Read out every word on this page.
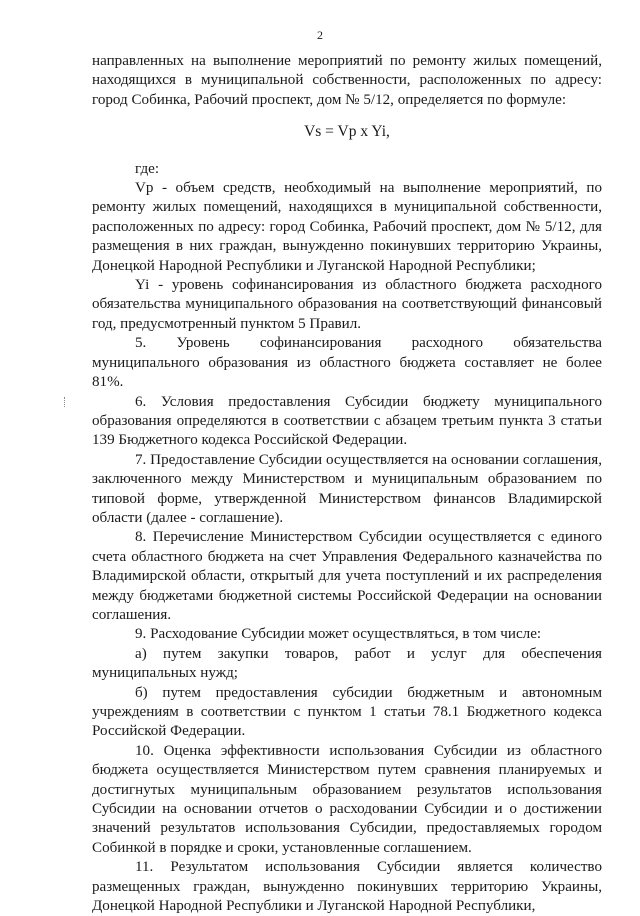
2

направленных на выполнение мероприятий по ремонту жилых помещений, находящихся в муниципальной собственности, расположенных по адресу: город Собинка, Рабочий проспект, дом № 5/12, определяется по формуле:

Vs = Vp x Yi,

где:

Vp - объем средств, необходимый на выполнение мероприятий, по ремонту жилых помещений, находящихся в муниципальной собственности, расположенных по адресу: город Собинка, Рабочий проспект, дом № 5/12, для размещения в них граждан, вынужденно покинувших территорию Украины, Донецкой Народной Республики и Луганской Народной Республики;

Yi - уровень софинансирования из областного бюджета расходного обязательства муниципального образования на соответствующий финансовый год, предусмотренный пунктом 5 Правил.

5. Уровень софинансирования расходного обязательства муниципального образования из областного бюджета составляет не более 81%.

6. Условия предоставления Субсидии бюджету муниципального образования определяются в соответствии с абзацем третьим пункта 3 статьи 139 Бюджетного кодекса Российской Федерации.

7. Предоставление Субсидии осуществляется на основании соглашения, заключенного между Министерством и муниципальным образованием по типовой форме, утвержденной Министерством финансов Владимирской области (далее - соглашение).

8. Перечисление Министерством Субсидии осуществляется с единого счета областного бюджета на счет Управления Федерального казначейства по Владимирской области, открытый для учета поступлений и их распределения между бюджетами бюджетной системы Российской Федерации на основании соглашения.

9. Расходование Субсидии может осуществляться, в том числе:

а) путем закупки товаров, работ и услуг для обеспечения муниципальных нужд;

б) путем предоставления субсидии бюджетным и автономным учреждениям в соответствии с пунктом 1 статьи 78.1 Бюджетного кодекса Российской Федерации.

10. Оценка эффективности использования Субсидии из областного бюджета осуществляется Министерством путем сравнения планируемых и достигнутых муниципальным образованием результатов использования Субсидии на основании отчетов о расходовании Субсидии и о достижении значений результатов использования Субсидии, предоставляемых городом Собинкой в порядке и сроки, установленные соглашением.

11. Результатом использования Субсидии является количество размещенных граждан, вынужденно покинувших территорию Украины, Донецкой Народной Республики и Луганской Народной Республики,
